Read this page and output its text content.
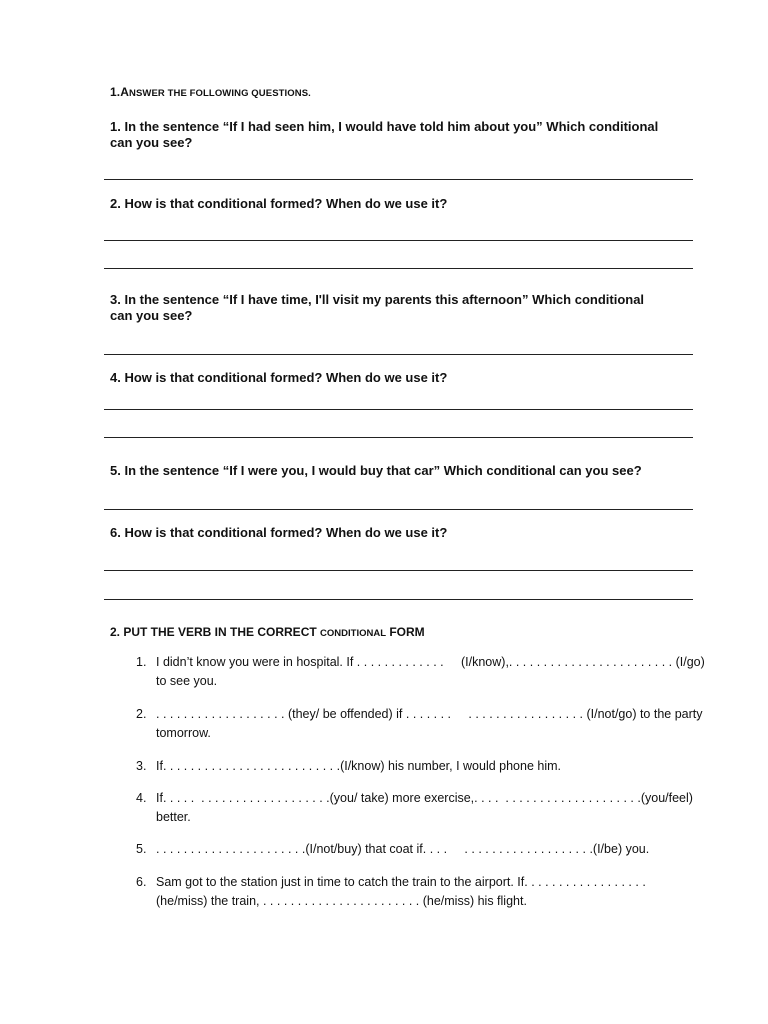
1.ANSWER THE FOLLOWING QUESTIONS.
1. In the sentence “If I had seen him, I would have told him about you” Which conditional
can you see?
2. How is that conditional formed? When do we use it?
3. In the sentence “If I have time, I'll visit my parents this afternoon” Which conditional
can you see?
4. How is that conditional formed? When do we use it?
5. In the sentence “If I were you, I would buy that car” Which conditional can you see?
6. How is that conditional formed? When do we use it?
2. PUT THE VERB IN THE CORRECT CONDITIONAL FORM
1. I didn’t know you were in hospital. If . . . . . . . . . . . . .     (I/know),. . . . . . . . . . . . . . . . . . . . . . . . (I/go)
to see you.
2. . . . . . . . . . . . . . . . . . . . (they/ be offended) if . . . . . . .     . . . . . . . . . . . . . . . . . (I/not/go) to the party
tomorrow.
3. If. . . . . . . . . . . . . . . . . . . . . . . . . .(I/know) his number, I would phone him.
4. If. . . . .  . . . . . . . . . . . . . . . . . . .(you/ take) more exercise,. . . .  . . . . . . . . . . . . . . . . . . . .(you/feel)
better.
5. . . . . . . . . . . . . . . . . . . . . . .(I/not/buy) that coat if. . . .     . . . . . . . . . . . . . . . . . . .(I/be) you.
6. Sam got to the station just in time to catch the train to the airport. If. . . . . . . . . . . . . . . . . .
(he/miss) the train, . . . . . . . . . . . . . . . . . . . . . . . (he/miss) his flight.
